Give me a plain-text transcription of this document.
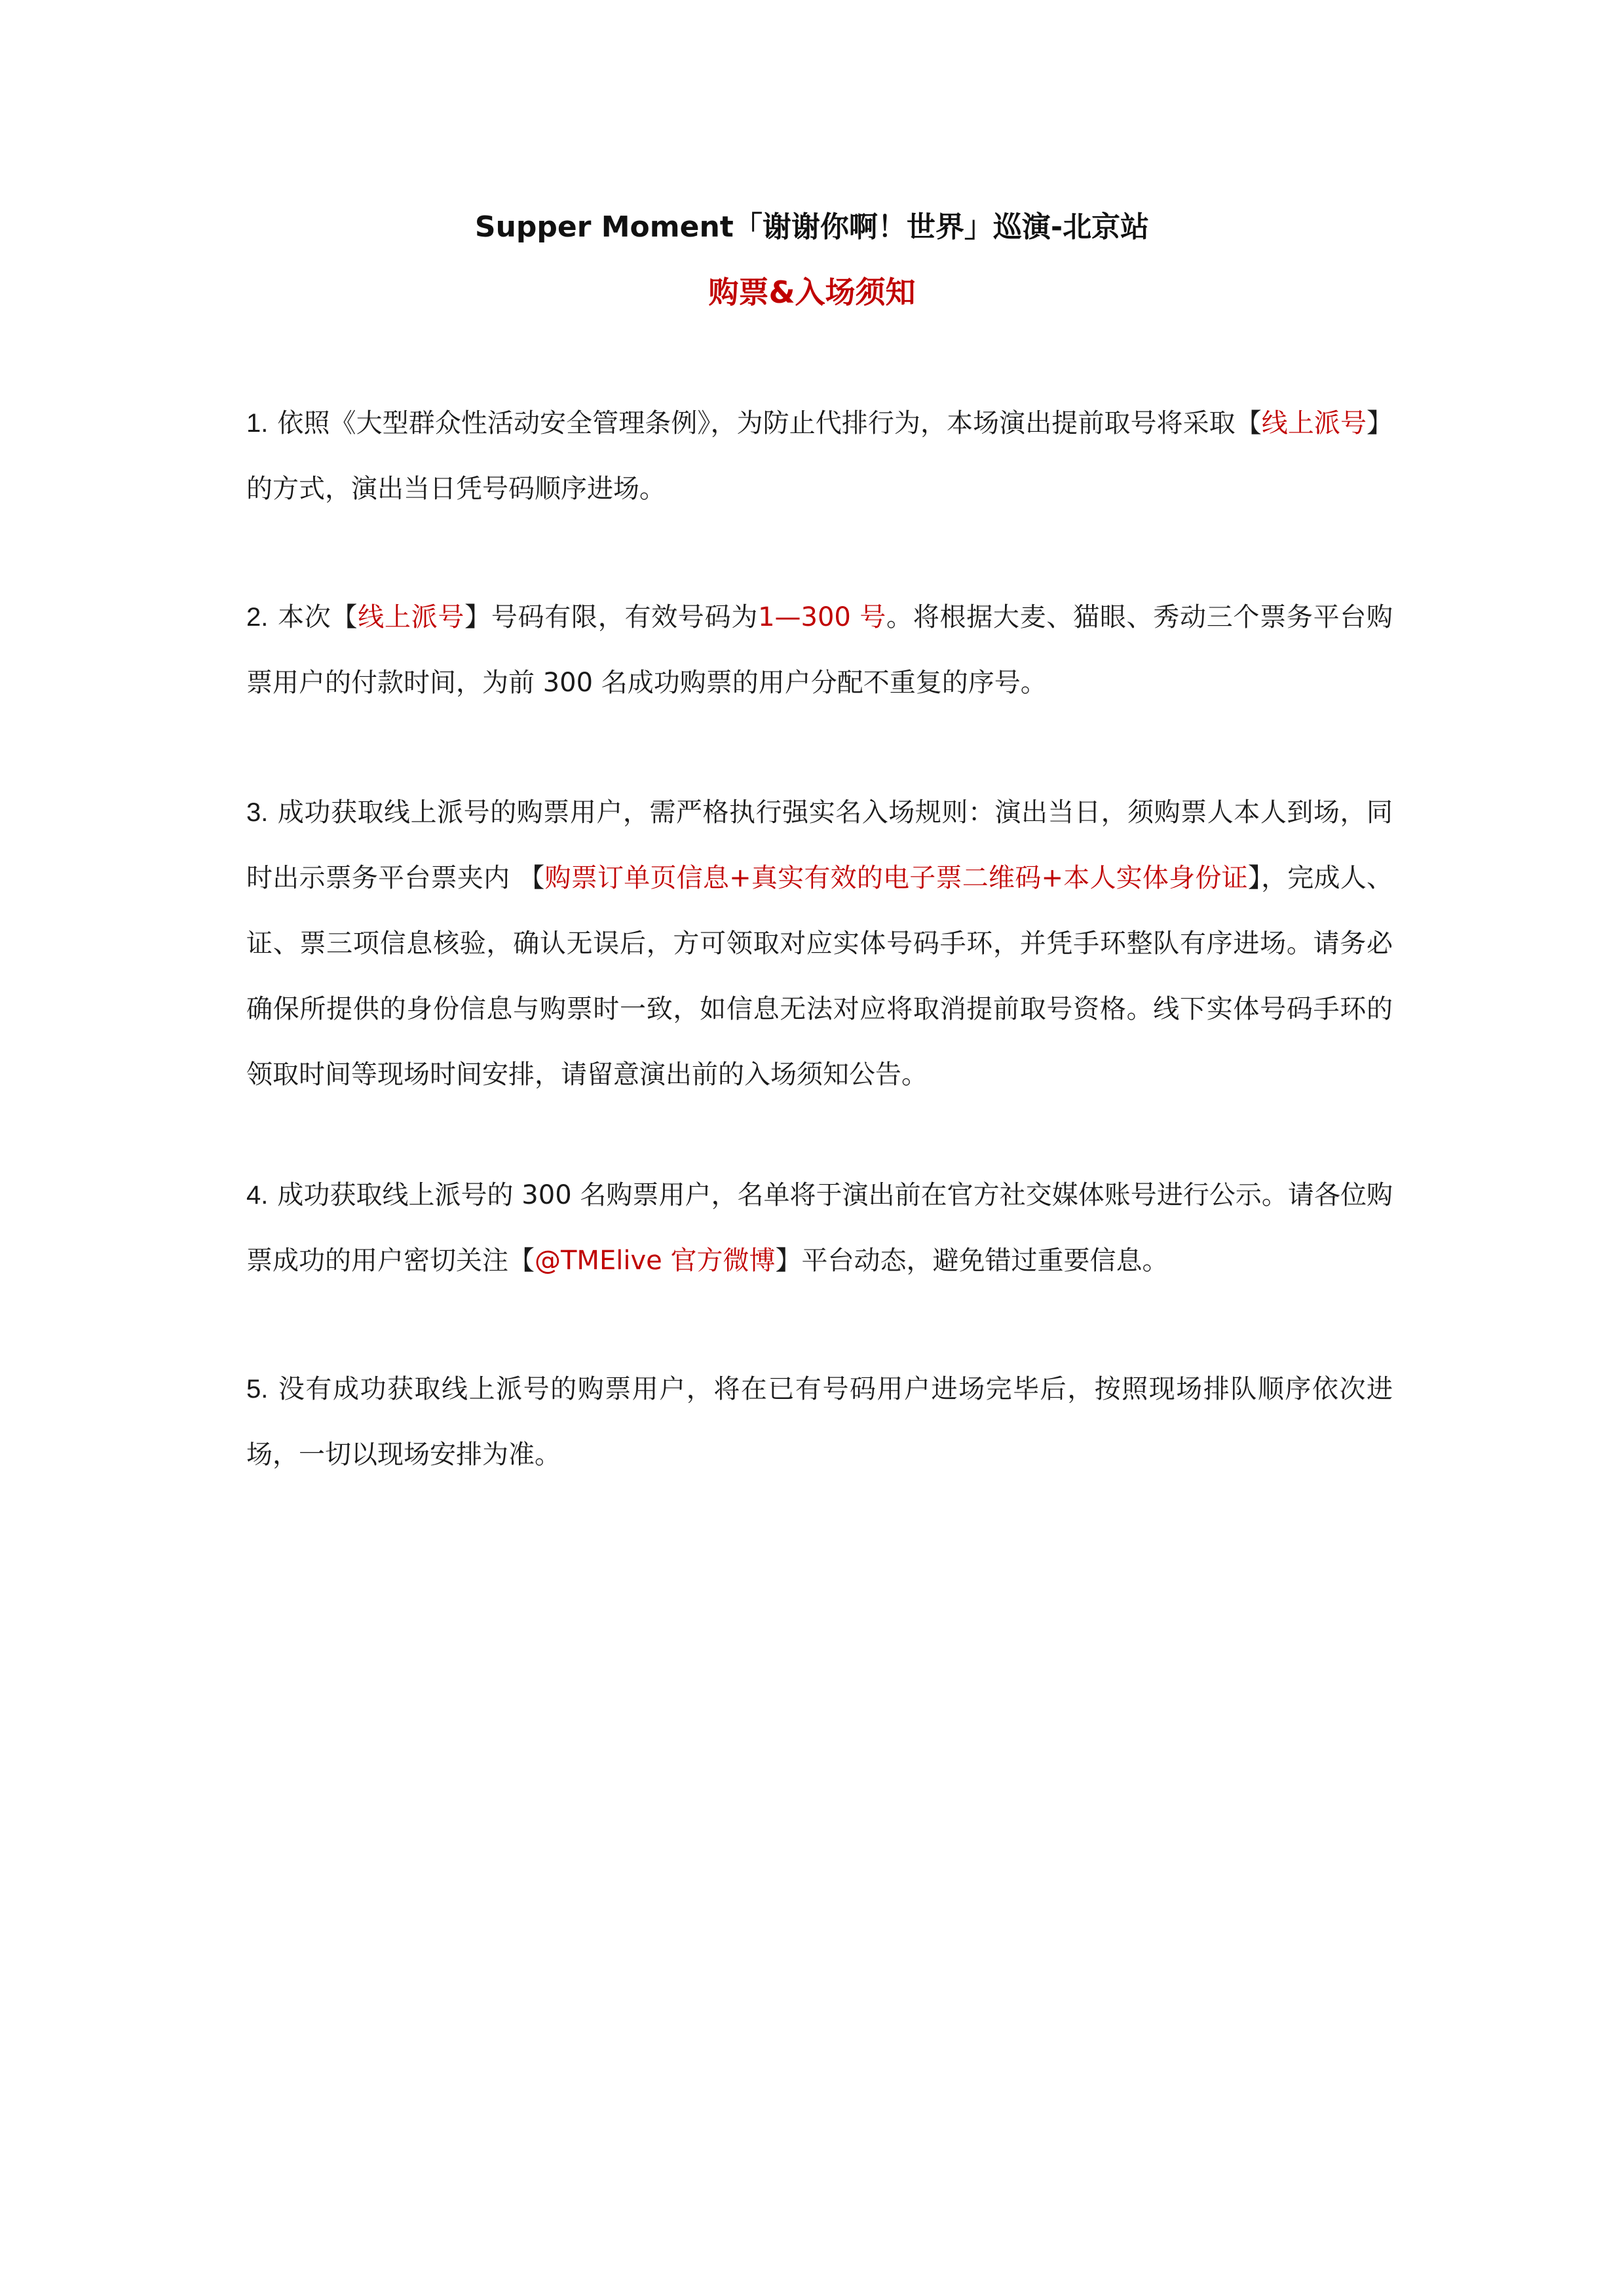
Supper Moment「谢谢你啊！世界」巡演-北京站
购票&入场须知
1. 依照《大型群众性活动安全管理条例》，为防止代排行为，本场演出提前取号将采取【线上派号】的方式，演出当日凭号码顺序进场。
2. 本次【线上派号】号码有限，有效号码为1—300 号。将根据大麦、猫眼、秀动三个票务平台购票用户的付款时间，为前 300 名成功购票的用户分配不重复的序号。
3. 成功获取线上派号的购票用户，需严格执行强实名入场规则：演出当日，须购票人本人到场，同时出示票务平台票夹内 【购票订单页信息+真实有效的电子票二维码+本人实体身份证】，完成人、证、票三项信息核验，确认无误后，方可领取对应实体号码手环，并凭手环整队有序进场。请务必确保所提供的身份信息与购票时一致，如信息无法对应将取消提前取号资格。线下实体号码手环的领取时间等现场时间安排，请留意演出前的入场须知公告。
4. 成功获取线上派号的 300 名购票用户，名单将于演出前在官方社交媒体账号进行公示。请各位购票成功的用户密切关注【@TMElive 官方微博】平台动态，避免错过重要信息。
5. 没有成功获取线上派号的购票用户，将在已有号码用户进场完毕后，按照现场排队顺序依次进场，一切以现场安排为准。
